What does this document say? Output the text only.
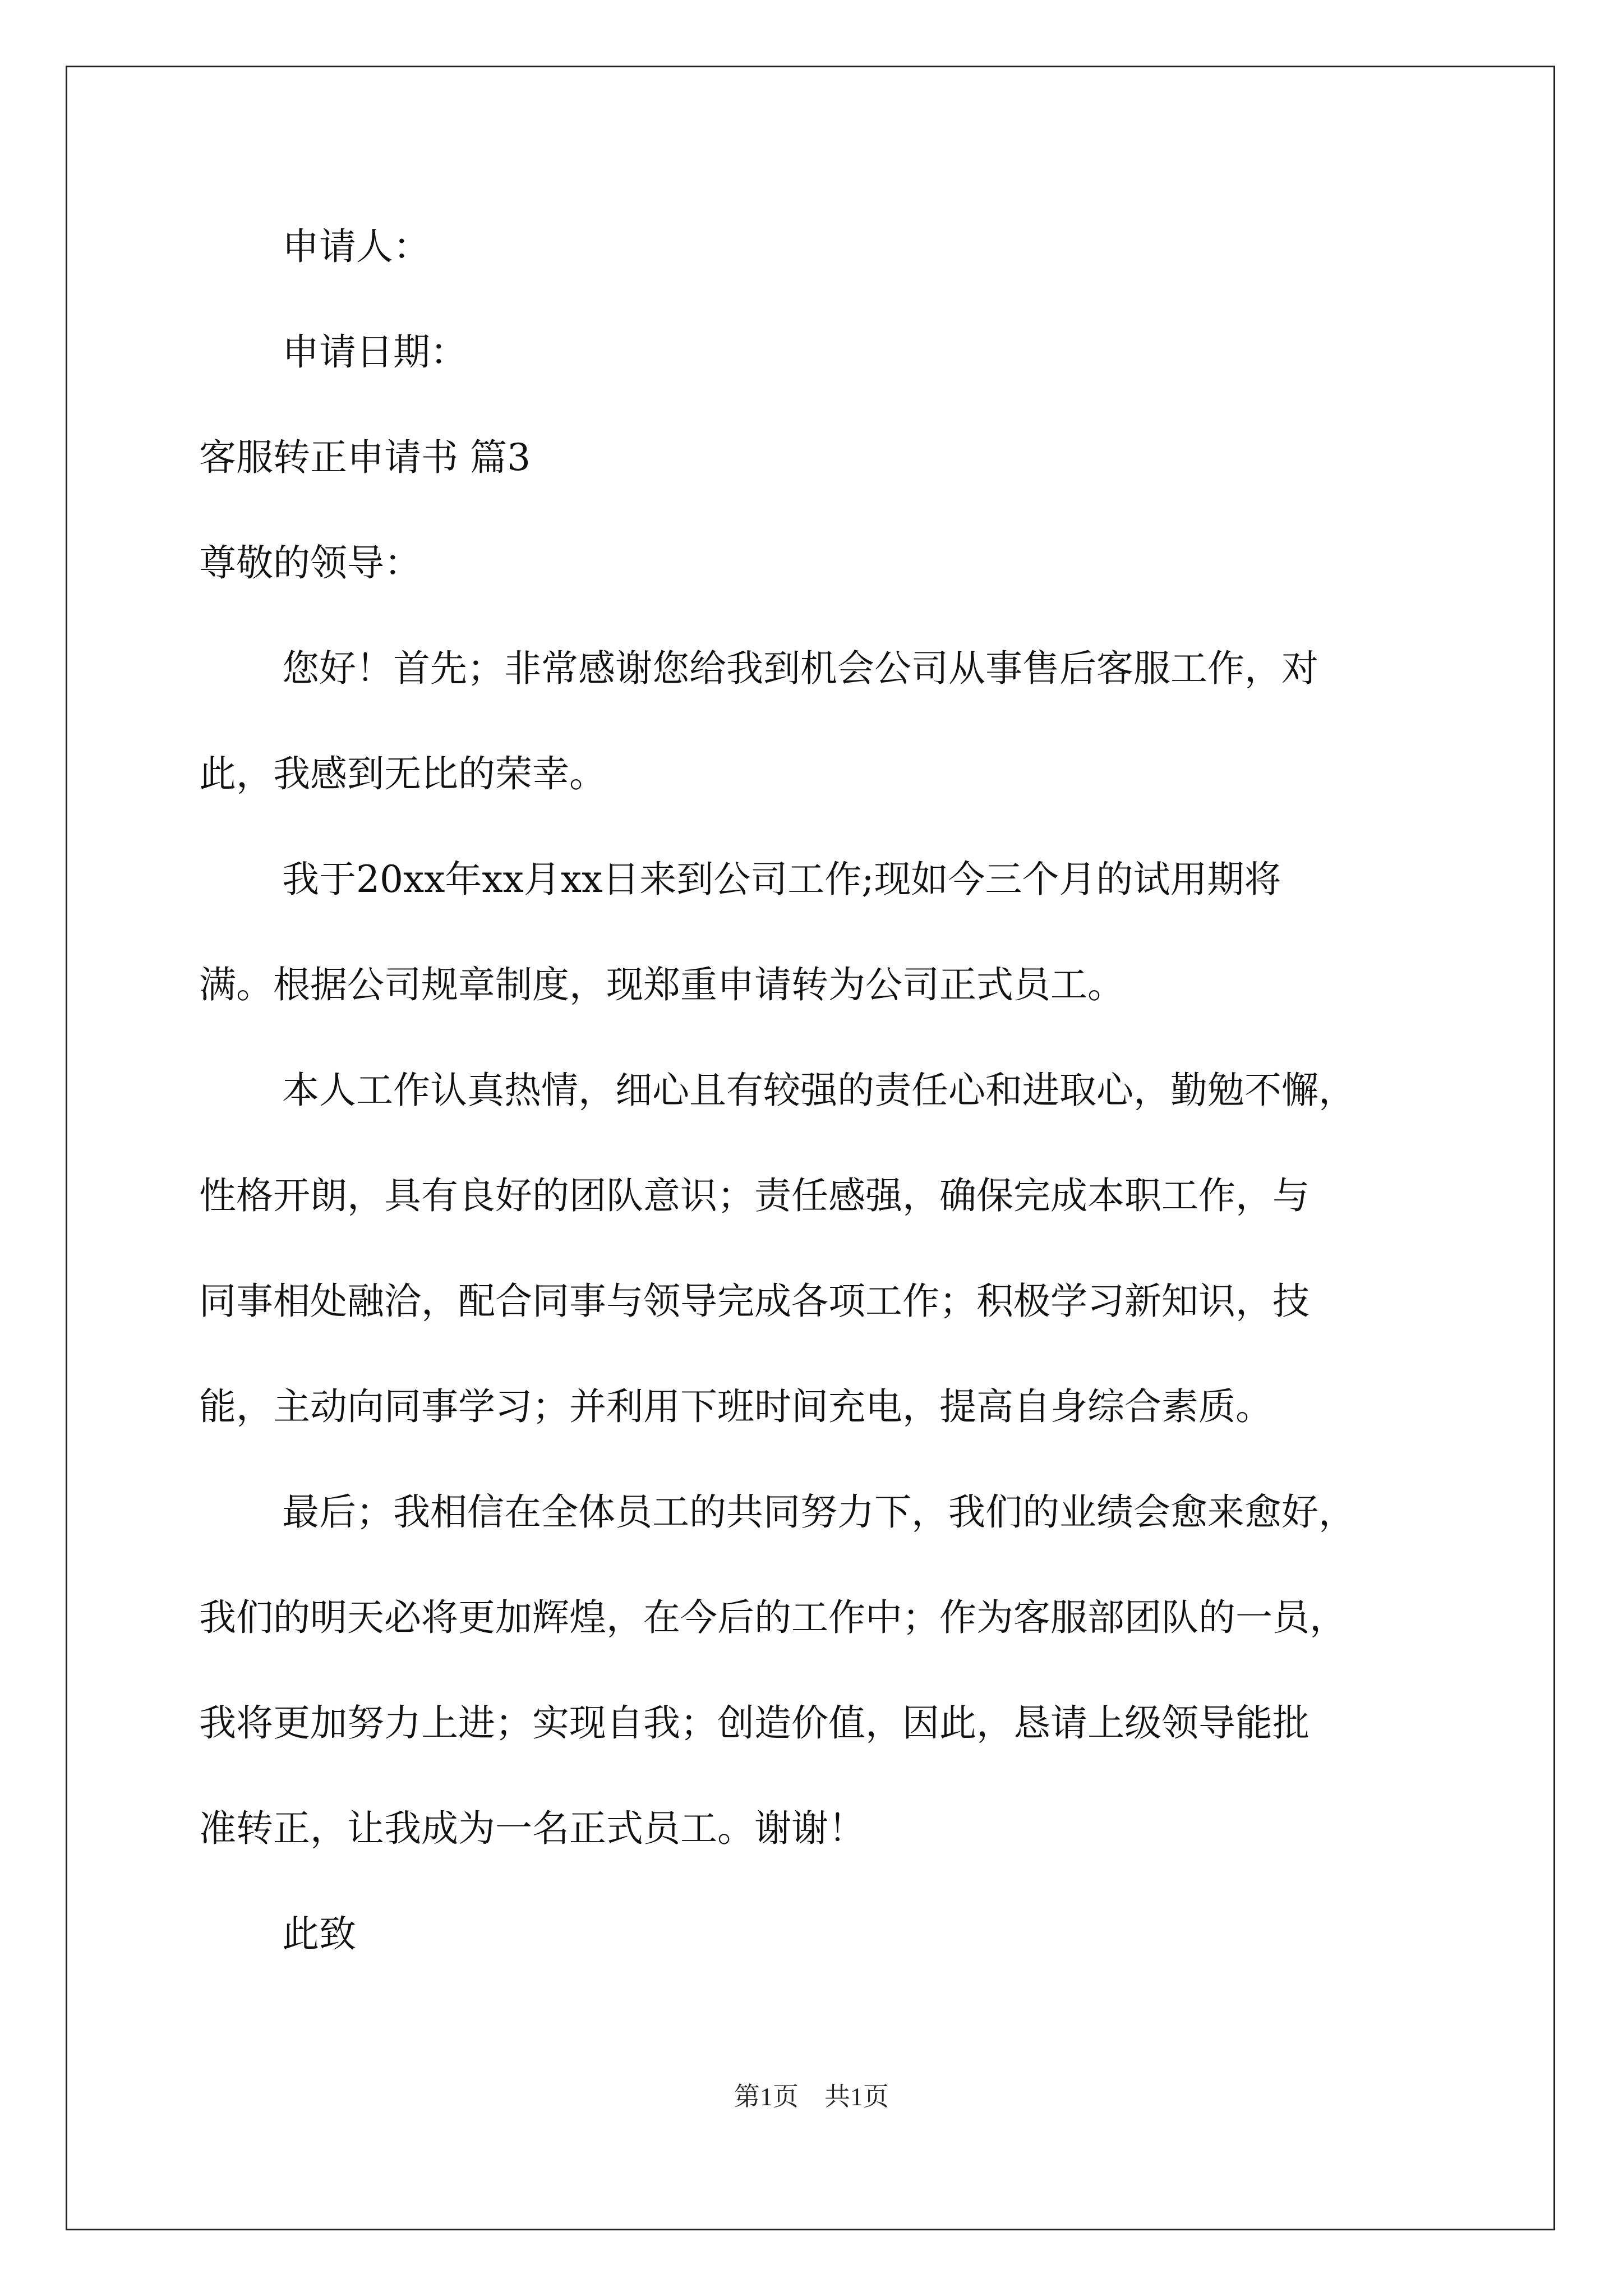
申请人：
申请日期：
客服转正申请书 篇3
尊敬的领导：
您好！首先；非常感谢您给我到机会公司从事售后客服工作，对
此，我感到无比的荣幸。
我于20xx年xx月xx日来到公司工作;现如今三个月的试用期将
满。根据公司规章制度，现郑重申请转为公司正式员工。
本人工作认真热情，细心且有较强的责任心和进取心，勤勉不懈，
性格开朗，具有良好的团队意识；责任感强，确保完成本职工作，与
同事相处融洽，配合同事与领导完成各项工作；积极学习新知识，技
能，主动向同事学习；并利用下班时间充电，提高自身综合素质。
最后；我相信在全体员工的共同努力下，我们的业绩会愈来愈好，
我们的明天必将更加辉煌，在今后的工作中；作为客服部团队的一员，
我将更加努力上进；实现自我；创造价值，因此，恳请上级领导能批
准转正，让我成为一名正式员工。谢谢！
此致
第1页　共1页
